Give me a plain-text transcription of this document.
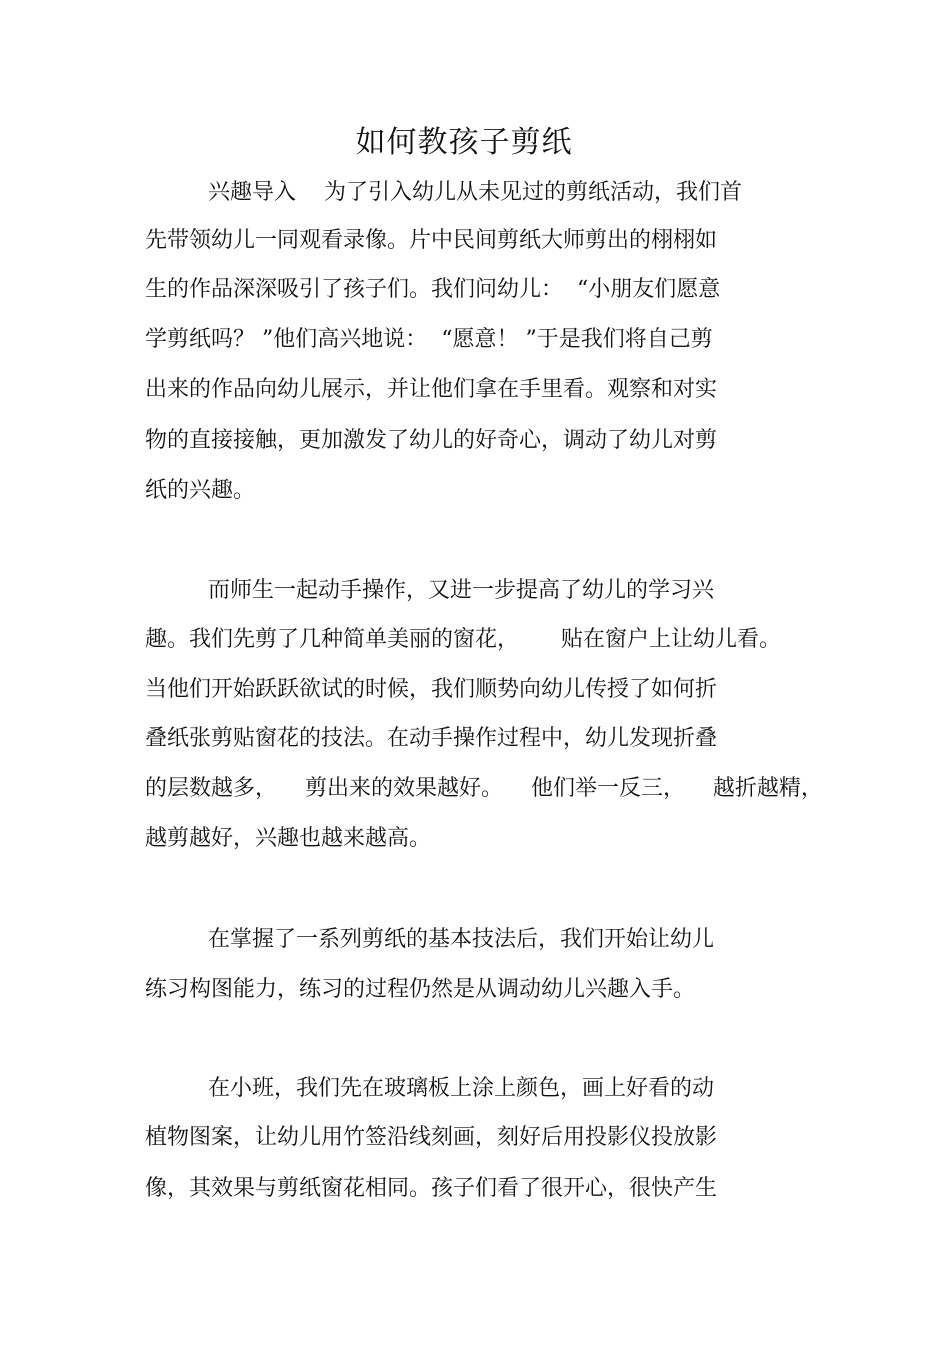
如何教孩子剪纸

兴趣导入    为了引入幼儿从未见过的剪纸活动，我们首

先带领幼儿一同观看录像。片中民间剪纸大师剪出的栩栩如

生的作品深深吸引了孩子们。我们问幼儿：  “小朋友们愿意

学剪纸吗？ ”他们高兴地说：  “愿意！ ”于是我们将自己剪

出来的作品向幼儿展示，并让他们拿在手里看。观察和对实

物的直接接触，更加激发了幼儿的好奇心，调动了幼儿对剪

纸的兴趣。

而师生一起动手操作，又进一步提高了幼儿的学习兴

趣。我们先剪了几种简单美丽的窗花，      贴在窗户上让幼儿看。

当他们开始跃跃欲试的时候，我们顺势向幼儿传授了如何折

叠纸张剪贴窗花的技法。在动手操作过程中，幼儿发现折叠

的层数越多，    剪出来的效果越好。    他们举一反三，    越折越精，

越剪越好，兴趣也越来越高。

在掌握了一系列剪纸的基本技法后，我们开始让幼儿

练习构图能力，练习的过程仍然是从调动幼儿兴趣入手。

在小班，我们先在玻璃板上涂上颜色，画上好看的动

植物图案，让幼儿用竹签沿线刻画，刻好后用投影仪投放影

像，其效果与剪纸窗花相同。孩子们看了很开心，很快产生
